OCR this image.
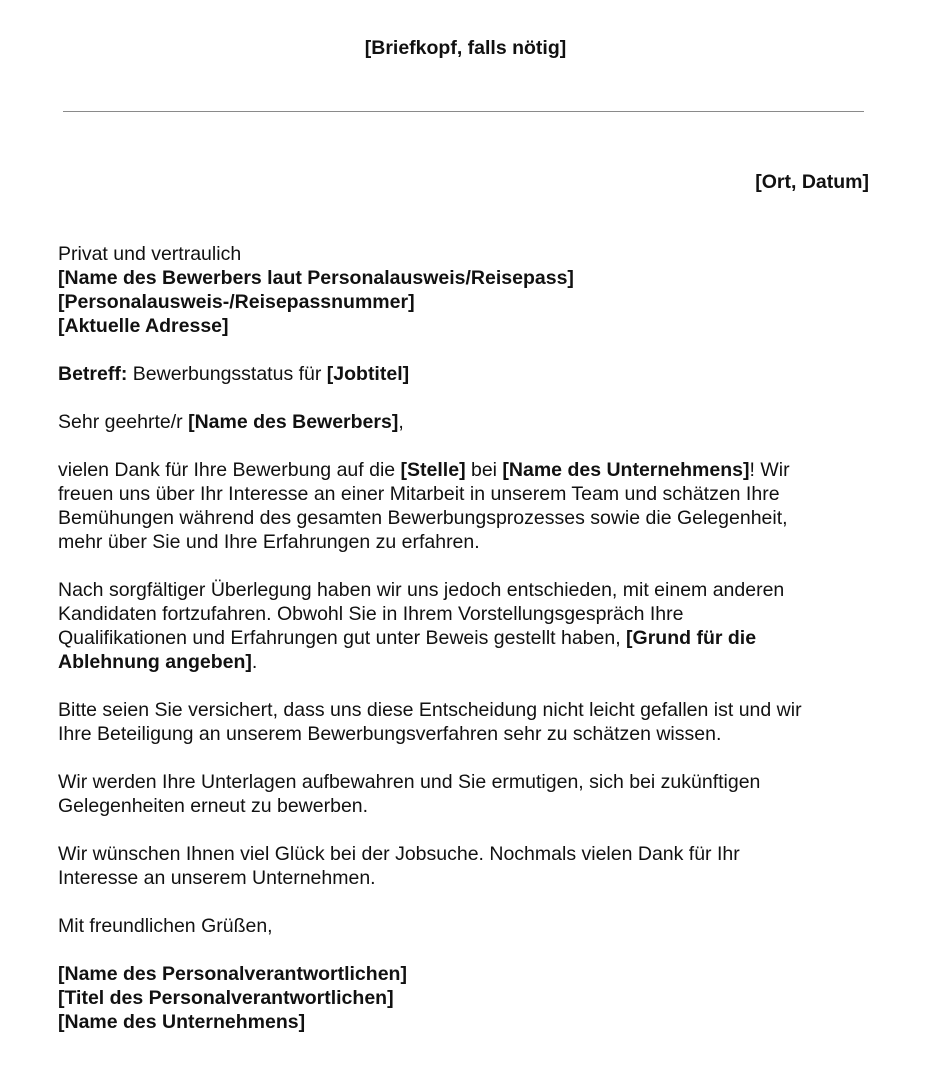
[Briefkopf, falls nötig]
[Ort, Datum]
Privat und vertraulich
[Name des Bewerbers laut Personalausweis/Reisepass]
[Personalausweis-/Reisepassnummer]
[Aktuelle Adresse]
Betreff: Bewerbungsstatus für [Jobtitel]
Sehr geehrte/r [Name des Bewerbers],
vielen Dank für Ihre Bewerbung auf die [Stelle] bei [Name des Unternehmens]! Wir
freuen uns über Ihr Interesse an einer Mitarbeit in unserem Team und schätzen Ihre
Bemühungen während des gesamten Bewerbungsprozesses sowie die Gelegenheit,
mehr über Sie und Ihre Erfahrungen zu erfahren.
Nach sorgfältiger Überlegung haben wir uns jedoch entschieden, mit einem anderen
Kandidaten fortzufahren. Obwohl Sie in Ihrem Vorstellungsgespräch Ihre
Qualifikationen und Erfahrungen gut unter Beweis gestellt haben, [Grund für die
Ablehnung angeben].
Bitte seien Sie versichert, dass uns diese Entscheidung nicht leicht gefallen ist und wir
Ihre Beteiligung an unserem Bewerbungsverfahren sehr zu schätzen wissen.
Wir werden Ihre Unterlagen aufbewahren und Sie ermutigen, sich bei zukünftigen
Gelegenheiten erneut zu bewerben.
Wir wünschen Ihnen viel Glück bei der Jobsuche. Nochmals vielen Dank für Ihr
Interesse an unserem Unternehmen.
Mit freundlichen Grüßen,
[Name des Personalverantwortlichen]
[Titel des Personalverantwortlichen]
[Name des Unternehmens]
